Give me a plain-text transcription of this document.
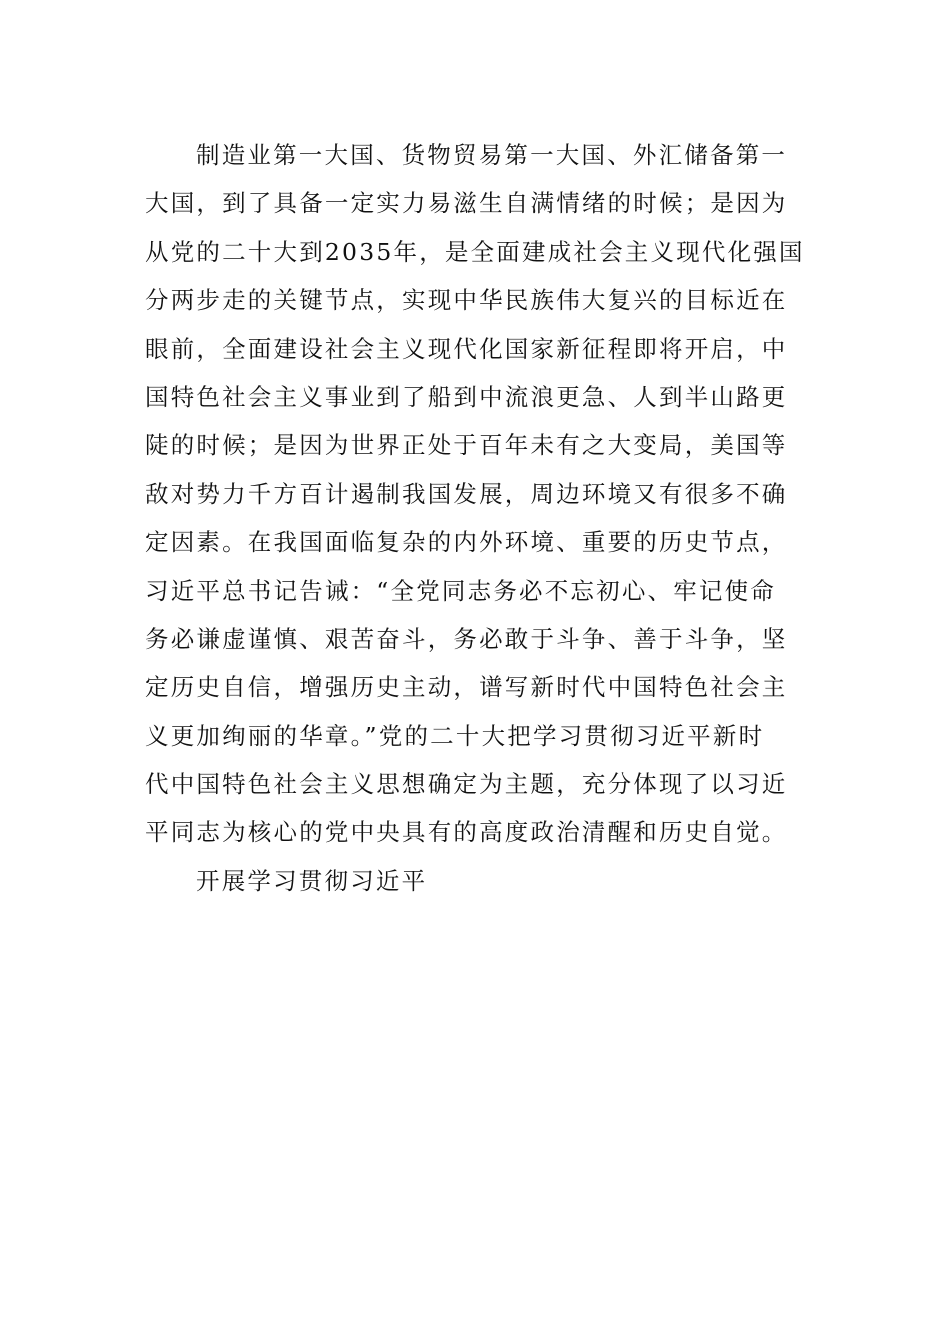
制造业第一大国、货物贸易第一大国、外汇储备第一
大国，到了具备一定实力易滋生自满情绪的时候；是因为
从党的二十大到2035年，是全面建成社会主义现代化强国
分两步走的关键节点，实现中华民族伟大复兴的目标近在
眼前，全面建设社会主义现代化国家新征程即将开启，中
国特色社会主义事业到了船到中流浪更急、人到半山路更
陡的时候；是因为世界正处于百年未有之大变局，美国等
敌对势力千方百计遏制我国发展，周边环境又有很多不确
定因素。在我国面临复杂的内外环境、重要的历史节点，
习近平总书记告诫：“全党同志务必不忘初心、牢记使命
务必谦虚谨慎、艰苦奋斗，务必敢于斗争、善于斗争，坚
定历史自信，增强历史主动，谱写新时代中国特色社会主
义更加绚丽的华章。”党的二十大把学习贯彻习近平新时
代中国特色社会主义思想确定为主题，充分体现了以习近
平同志为核心的党中央具有的高度政治清醒和历史自觉。
开展学习贯彻习近平
